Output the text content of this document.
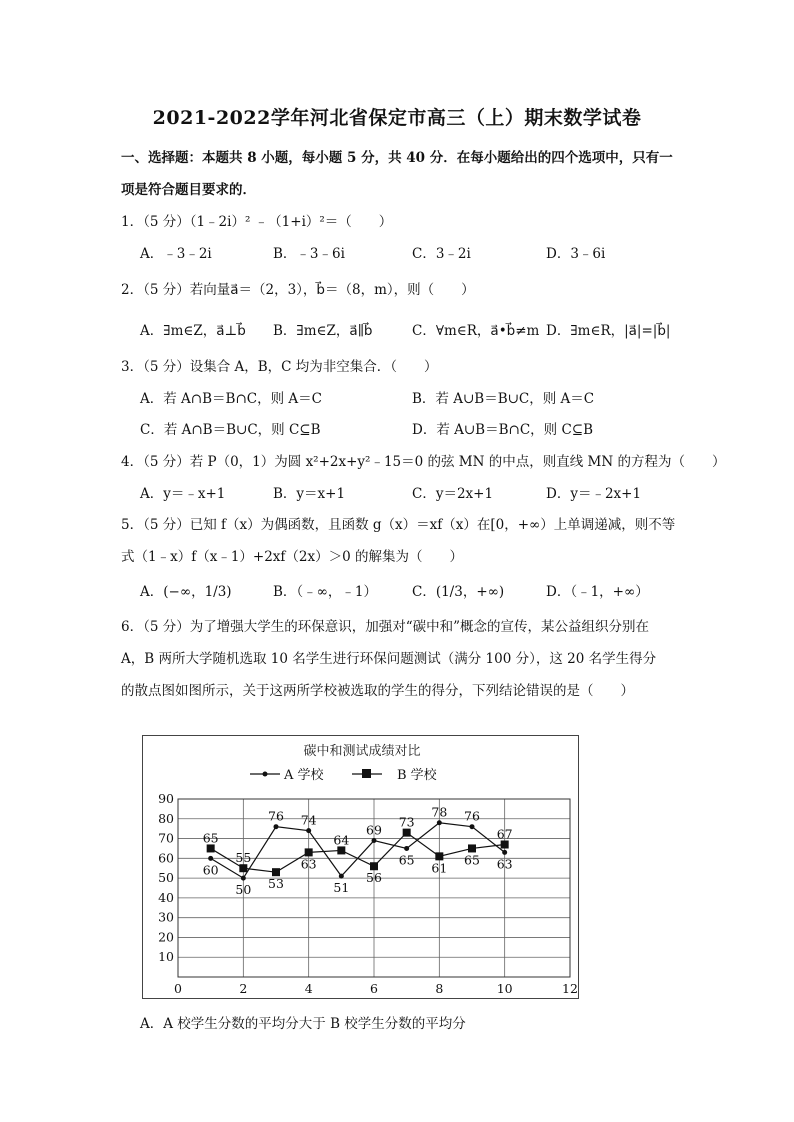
2021-2022学年河北省保定市高三（上）期末数学试卷
一、选择题：本题共 8 小题，每小题 5 分，共 40 分．在每小题给出的四个选项中，只有一
项是符合题目要求的．
1．（5 分）（1﹣2i）² ﹣（1+i）²＝（　　）
A．﹣3﹣2i	B．﹣3﹣6i	C．3﹣2i	D．3﹣6i
2．（5 分）若向量a⃗＝（2，3），b⃗＝（8，m），则（　　）
A．∃m∈Z，a⃗⊥b⃗ B．∃m∈Z，a⃗∥b⃗	C．∀m∈R，a⃗•b⃗≠m D．∃m∈R，|a⃗|=|b⃗|
3．（5 分）设集合 A，B，C 均为非空集合．（　　）
A．若 A∩B＝B∩C，则 A＝C	B．若 A∪B＝B∪C，则 A＝C
C．若 A∩B＝B∪C，则 C⊆B	D．若 A∪B＝B∩C，则 C⊆B
4．（5 分）若 P（0，1）为圆 x²+2x+y²﹣15＝0 的弦 MN 的中点，则直线 MN 的方程为（　　）
A．y＝﹣x+1	B．y＝x+1	C．y＝2x+1	D．y＝﹣2x+1
5．（5 分）已知 f（x）为偶函数，且函数 g（x）＝xf（x）在[0，+∞）上单调递减，则不等
式（1﹣x）f（x﹣1）+2xf（2x）＞0 的解集为（　　）
A．(−∞，1/3)	B．（﹣∞，﹣1）	C．(1/3，+∞)	D．（﹣1，+∞）
6．（5 分）为了增强大学生的环保意识，加强对“碳中和”概念的宣传，某公益组织分别在
A，B 两所大学随机选取 10 名学生进行环保问题测试（满分 100 分），这 20 名学生得分
的散点图如图所示，关于这两所学校被选取的学生的得分，下列结论错误的是（　　）
碳中和测试成绩对比
A 学校	B 学校
10
20
30
40
50
60
70
80
90
0	2	4	6	8	10	12
60
65
50
55
76
53
74
63
51
64
69
56
65
73
78
61
76
65 63
67
A．A 校学生分数的平均分大于 B 校学生分数的平均分
